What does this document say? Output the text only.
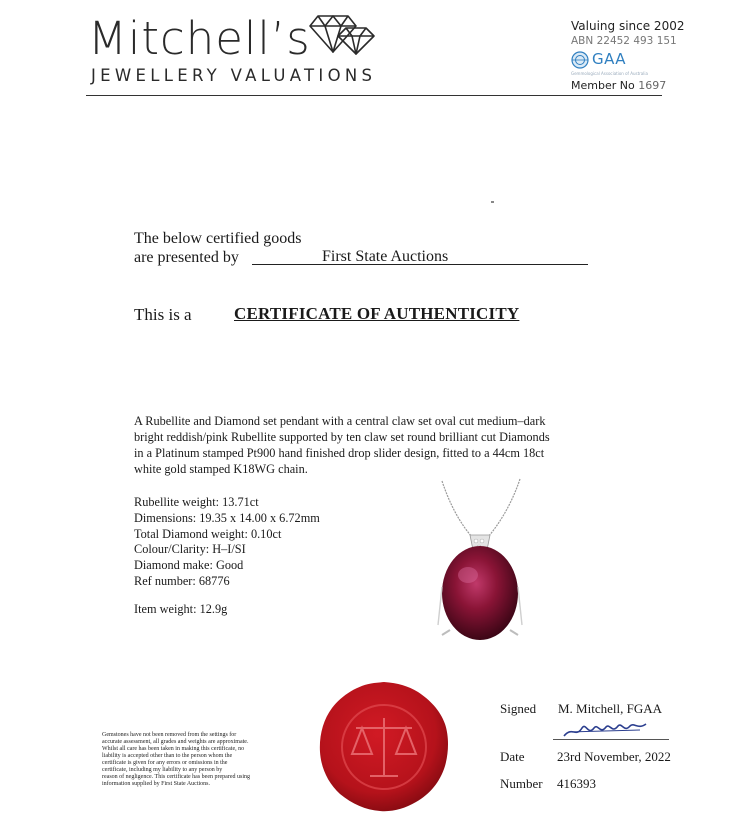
Mitchell’s
JEWELLERY VALUATIONS
Valuing since 2002
ABN 22452 493 151
GAA
Gemmological Association of Australia
Member No 1697
The below certified goods
are presented by	First State Auctions
This is a CERTIFICATE OF AUTHENTICITY
A Rubellite and Diamond set pendant with a central claw set oval cut medium–dark
bright reddish/pink Rubellite supported by ten claw set round brilliant cut Diamonds
in a Platinum stamped Pt900 hand finished drop slider design, fitted to a 44cm 18ct
white gold stamped K18WG chain.
Rubellite weight: 13.71ct
Dimensions: 19.35 x 14.00 x 6.72mm
Total Diamond weight: 0.10ct
Colour/Clarity: H–I/SI
Diamond make: Good
Ref number: 68776
Item weight: 12.9g
Gemstones have not been removed from the settings for
accurate assessment, all grades and weights are approximate.
Whilst all care has been taken in making this certificate, no
liability is accepted other than to the person whom the
certificate is given for any errors or omissions in the
certificate, including my liability to any person by
reason of negligence. This certificate has been prepared using
information supplied by First State Auctions.
Signed M. Mitchell, FGAA
Date 23rd November, 2022
Number 416393
